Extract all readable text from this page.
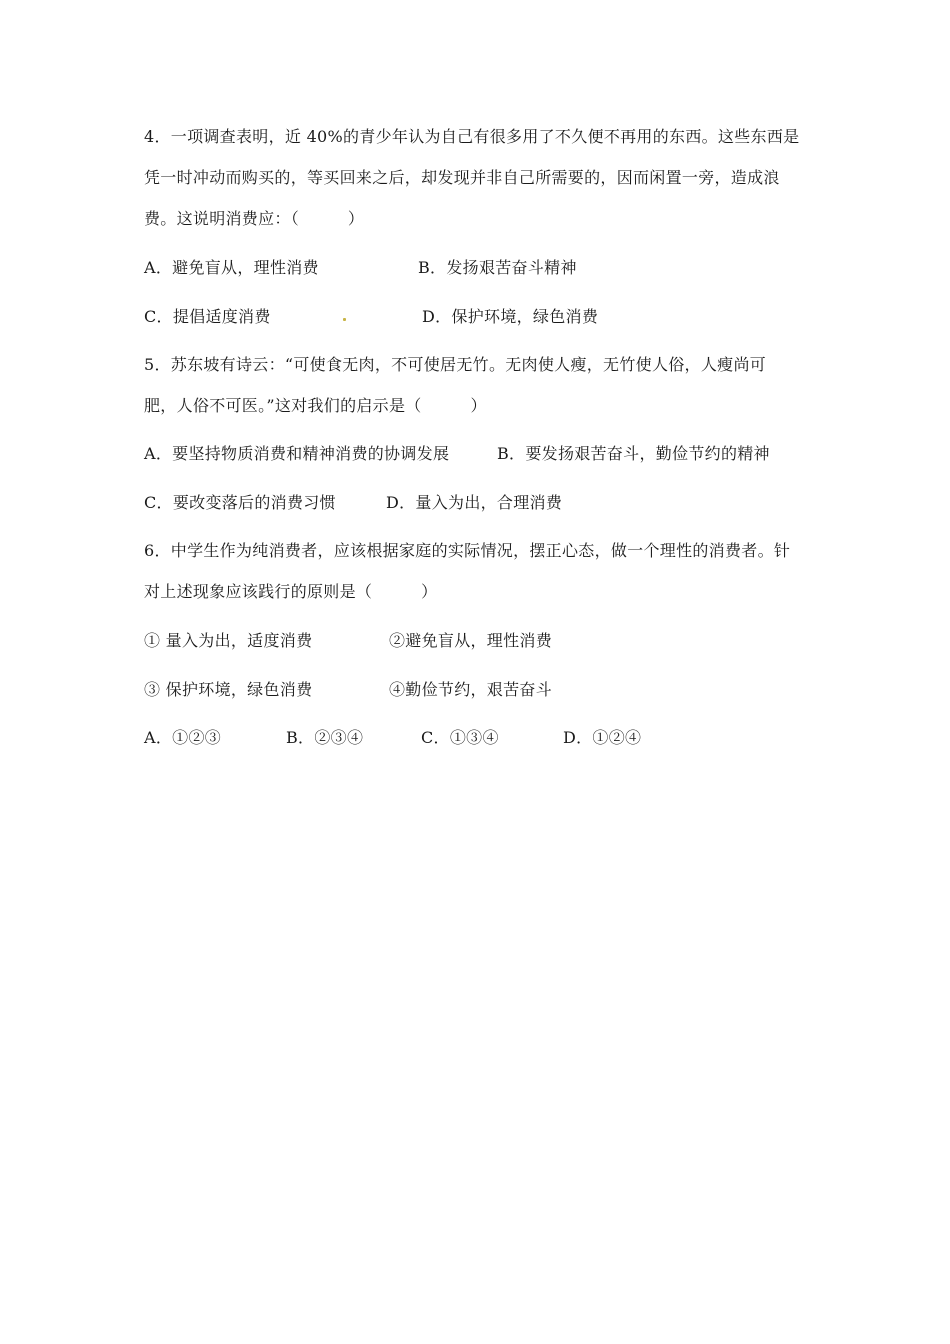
4．一项调查表明，近 40%的青少年认为自己有很多用了不久便不再用的东西。这些东西是
凭一时冲动而购买的，等买回来之后，却发现并非自己所需要的，因而闲置一旁，造成浪
费。这说明消费应：（　　　）
A．避免盲从，理性消费	B．发扬艰苦奋斗精神
C．提倡适度消费	D．保护环境，绿色消费
5．苏东坡有诗云：“可使食无肉，不可使居无竹。无肉使人瘦，无竹使人俗，人瘦尚可
肥，人俗不可医。”这对我们的启示是（　　　）
A．要坚持物质消费和精神消费的协调发展	B．要发扬艰苦奋斗，勤俭节约的精神
C．要改变落后的消费习惯	D．量入为出，合理消费
6．中学生作为纯消费者，应该根据家庭的实际情况，摆正心态，做一个理性的消费者。针
对上述现象应该践行的原则是（　　　）
① 量入为出，适度消费	②避免盲从，理性消费
③ 保护环境，绿色消费	④勤俭节约，艰苦奋斗
A．①②③	B．②③④	C．①③④	D．①②④
